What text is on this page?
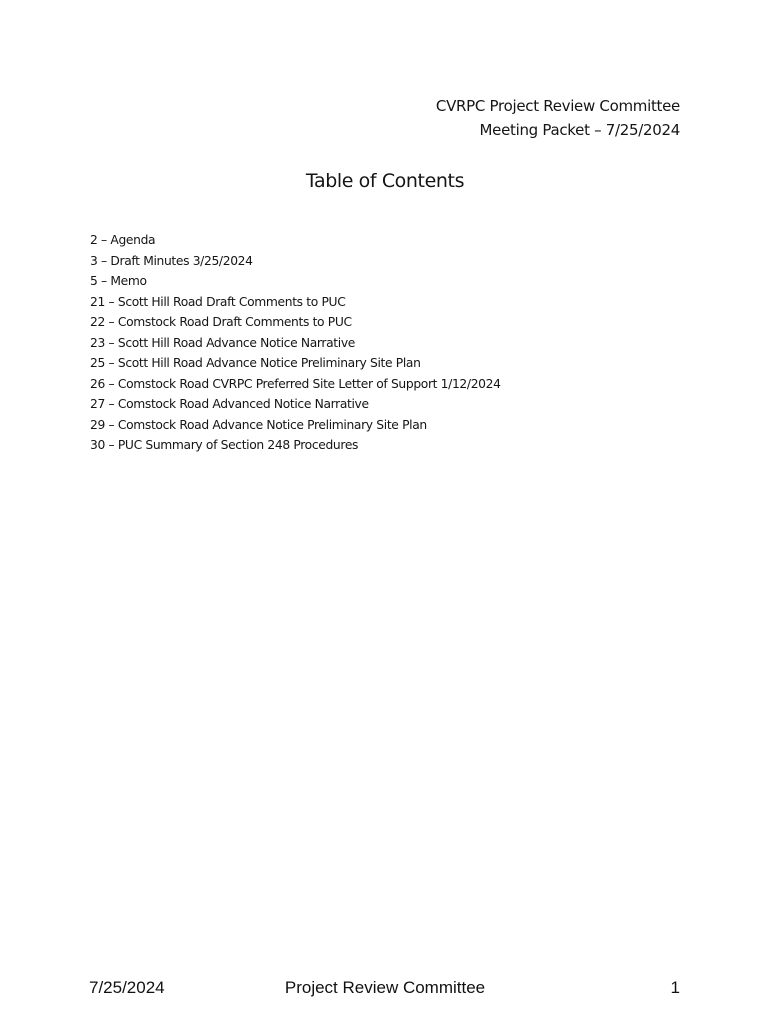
CVRPC Project Review Committee
Meeting Packet – 7/25/2024
Table of Contents
2 – Agenda
3 – Draft Minutes 3/25/2024
5 – Memo
21 – Scott Hill Road Draft Comments to PUC
22 – Comstock Road Draft Comments to PUC
23 – Scott Hill Road Advance Notice Narrative
25 – Scott Hill Road Advance Notice Preliminary Site Plan
26 – Comstock Road CVRPC Preferred Site Letter of Support 1/12/2024
27 – Comstock Road Advanced Notice Narrative
29 – Comstock Road Advance Notice Preliminary Site Plan
30 – PUC Summary of Section 248 Procedures
7/25/2024	Project Review Committee	1
